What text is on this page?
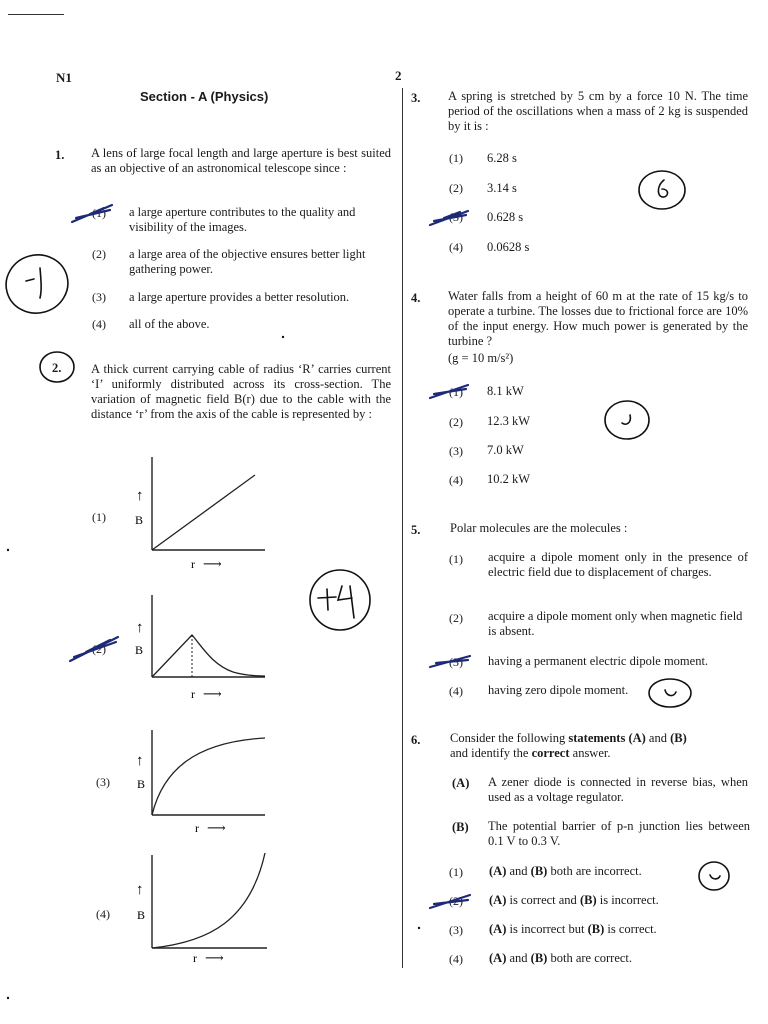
N1	2
Section - A (Physics)
1. A lens of large focal length and large aperture is best suited as an objective of an astronomical telescope since :
(1) a large aperture contributes to the quality and visibility of the images.
(2) a large area of the objective ensures better light gathering power.
(3) a large aperture provides a better resolution.
(4) all of the above.
2. A thick current carrying cable of radius ‘R’ carries current ‘I’ uniformly distributed across its cross-section. The variation of magnetic field B(r) due to the cable with the distance ‘r’ from the axis of the cable is represented by :
(1)
(2)
(3)
(4)
↑
B
r ⟶
↑
B
r ⟶
↑
B
r ⟶
↑
B
r ⟶
3. A spring is stretched by 5 cm by a force 10 N. The time period of the oscillations when a mass of 2 kg is suspended by it is :
(1) 6.28 s
(2) 3.14 s
(3) 0.628 s
(4) 0.0628 s
4. Water falls from a height of 60 m at the rate of 15 kg/s to operate a turbine. The losses due to frictional force are 10% of the input energy. How much power is generated by the turbine ?
(g = 10 m/s²)
(1) 8.1 kW
(2) 12.3 kW
(3) 7.0 kW
(4) 10.2 kW
5. Polar molecules are the molecules :
(1) acquire a dipole moment only in the presence of electric field due to displacement of charges.
(2) acquire a dipole moment only when magnetic field is absent.
(3) having a permanent electric dipole moment.
(4) having zero dipole moment.
6. Consider the following statements (A) and (B)
and identify the correct answer.
(A) A zener diode is connected in reverse bias, when used as a voltage regulator.
(B) The potential barrier of p-n junction lies between 0.1 V to 0.3 V.
(1) (A) and (B) both are incorrect.
(2) (A) is correct and (B) is incorrect.
(3) (A) is incorrect but (B) is correct.
(4) (A) and (B) both are correct.
